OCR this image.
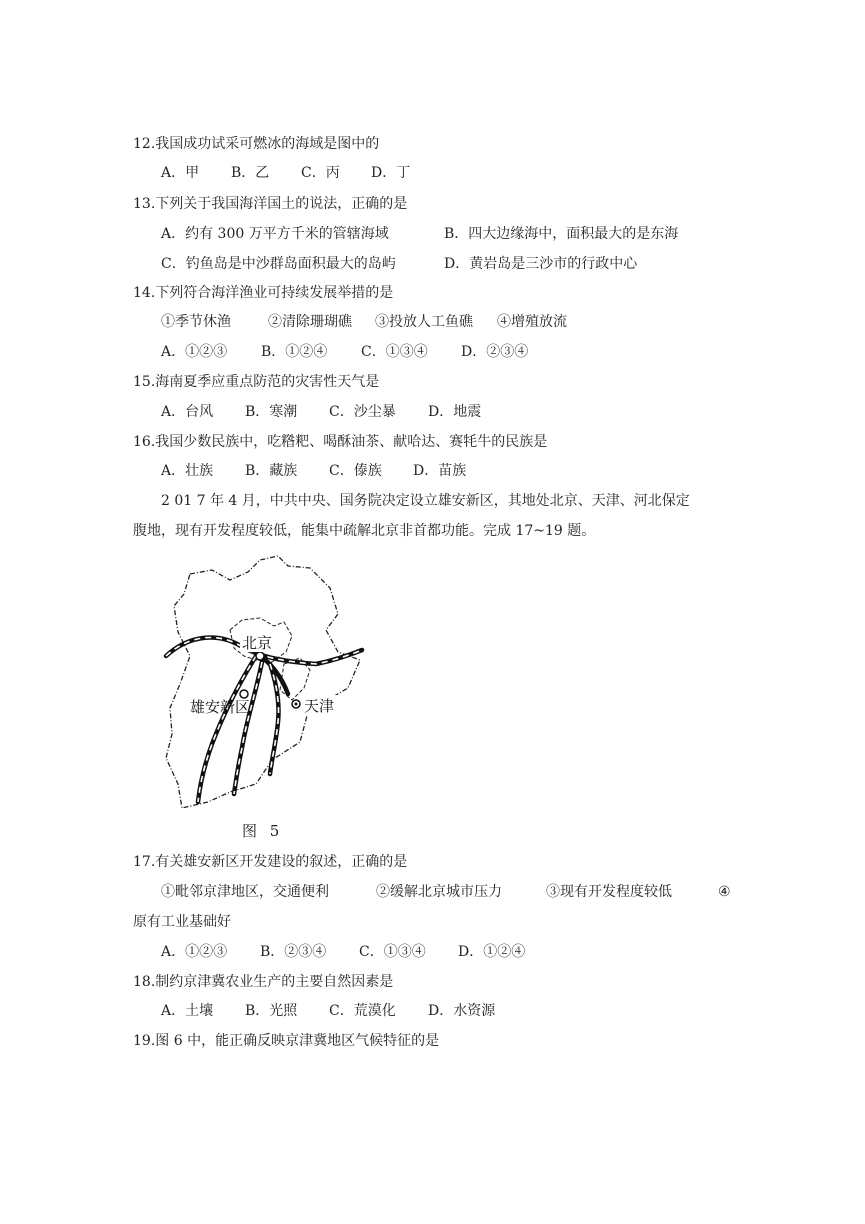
12.我国成功试采可燃冰的海域是图中的
A．甲 B．乙 C．丙 D．丁
13.下列关于我国海洋国土的说法，正确的是
A．约有 300 万平方千米的管辖海域	B．四大边缘海中，面积最大的是东海
C．钓鱼岛是中沙群岛面积最大的岛屿	D．黄岩岛是三沙市的行政中心
14.下列符合海洋渔业可持续发展举措的是
①季节休渔	②清除珊瑚礁 ③投放人工鱼礁 ④增殖放流
A．①②③ B．①②④ C．①③④ D．②③④
15.海南夏季应重点防范的灾害性天气是
A．台风 B．寒潮 C．沙尘暴 D．地震
16.我国少数民族中，吃糌粑、喝酥油茶、献哈达、赛牦牛的民族是
A．壮族 B．藏族 C．傣族 D．苗族
2 01 7 年 4 月，中共中央、国务院决定设立雄安新区，其地处北京、天津、河北保定
腹地，现有开发程度较低，能集中疏解北京非首都功能。完成 17~19 题。
北京
雄安新区	天津
图 5
17.有关雄安新区开发建设的叙述，正确的是
①毗邻京津地区，交通便利	②缓解北京城市压力	③现有开发程度较低	④
原有工业基础好
A．①②③ B．②③④ C．①③④ D．①②④
18.制约京津冀农业生产的主要自然因素是
A．土壤 B．光照 C．荒漠化 D．水资源
19.图 6 中，能正确反映京津冀地区气候特征的是
